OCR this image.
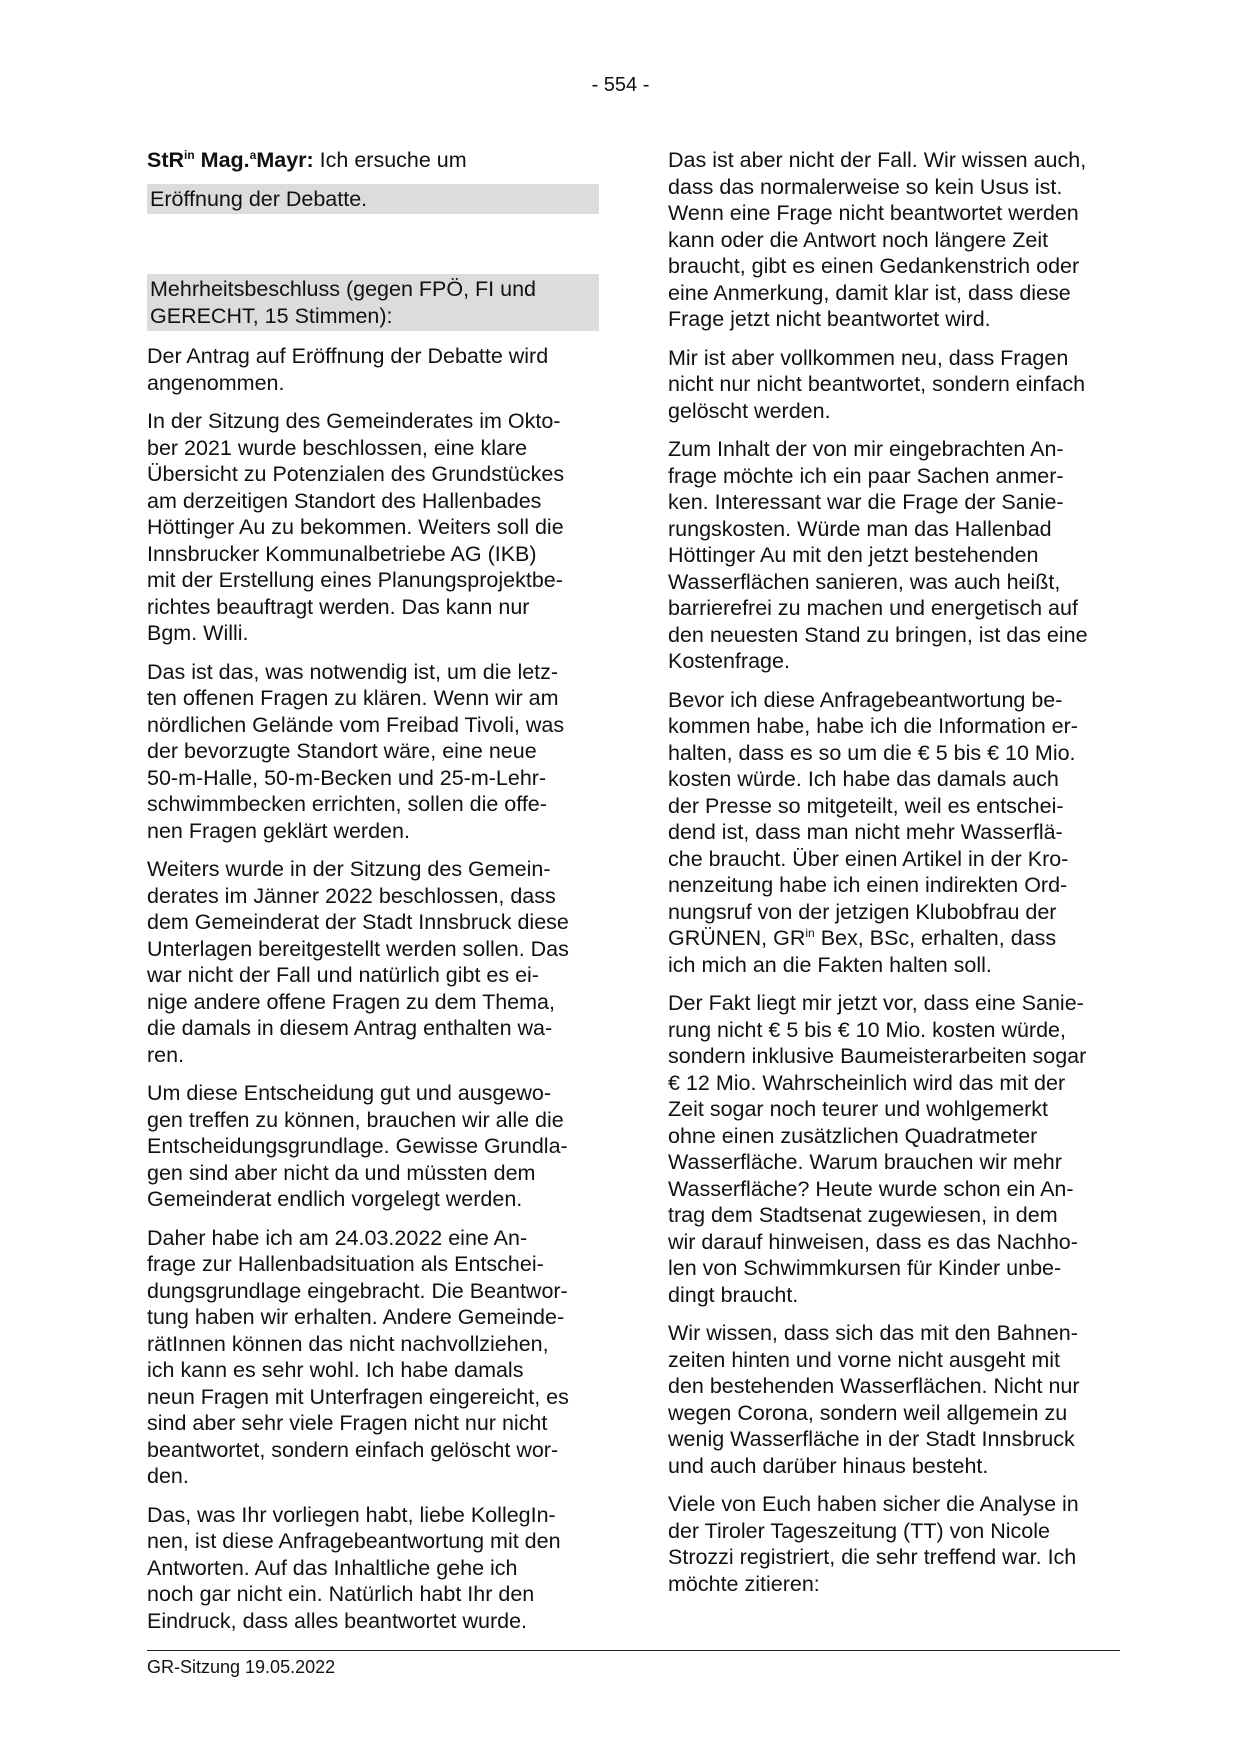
- 554 -
StR$^{in}$ Mag.$^a$Mayr: Ich ersuche um
Eröffnung der Debatte.
Mehrheitsbeschluss (gegen FPÖ, FI und
GERECHT, 15 Stimmen):
Der Antrag auf Eröffnung der Debatte wird
angenommen.
In der Sitzung des Gemeinderates im Okto-
ber 2021 wurde beschlossen, eine klare
Übersicht zu Potenzialen des Grundstückes
am derzeitigen Standort des Hallenbades
Höttinger Au zu bekommen. Weiters soll die
Innsbrucker Kommunalbetriebe AG (IKB)
mit der Erstellung eines Planungsprojektbe-
richtes beauftragt werden. Das kann nur
Bgm. Willi.
Das ist das, was notwendig ist, um die letz-
ten offenen Fragen zu klären. Wenn wir am
nördlichen Gelände vom Freibad Tivoli, was
der bevorzugte Standort wäre, eine neue
50-m-Halle, 50-m-Becken und 25-m-Lehr-
schwimmbecken errichten, sollen die offe-
nen Fragen geklärt werden.
Weiters wurde in der Sitzung des Gemein-
derates im Jänner 2022 beschlossen, dass
dem Gemeinderat der Stadt Innsbruck diese
Unterlagen bereitgestellt werden sollen. Das
war nicht der Fall und natürlich gibt es ei-
nige andere offene Fragen zu dem Thema,
die damals in diesem Antrag enthalten wa-
ren.
Um diese Entscheidung gut und ausgewo-
gen treffen zu können, brauchen wir alle die
Entscheidungsgrundlage. Gewisse Grundla-
gen sind aber nicht da und müssten dem
Gemeinderat endlich vorgelegt werden.
Daher habe ich am 24.03.2022 eine An-
frage zur Hallenbadsituation als Entschei-
dungsgrundlage eingebracht. Die Beantwor-
tung haben wir erhalten. Andere Gemeinde-
rätInnen können das nicht nachvollziehen,
ich kann es sehr wohl. Ich habe damals
neun Fragen mit Unterfragen eingereicht, es
sind aber sehr viele Fragen nicht nur nicht
beantwortet, sondern einfach gelöscht wor-
den.
Das, was Ihr vorliegen habt, liebe KollegIn-
nen, ist diese Anfragebeantwortung mit den
Antworten. Auf das Inhaltliche gehe ich
noch gar nicht ein. Natürlich habt Ihr den
Eindruck, dass alles beantwortet wurde.
Das ist aber nicht der Fall. Wir wissen auch,
dass das normalerweise so kein Usus ist.
Wenn eine Frage nicht beantwortet werden
kann oder die Antwort noch längere Zeit
braucht, gibt es einen Gedankenstrich oder
eine Anmerkung, damit klar ist, dass diese
Frage jetzt nicht beantwortet wird.
Mir ist aber vollkommen neu, dass Fragen
nicht nur nicht beantwortet, sondern einfach
gelöscht werden.
Zum Inhalt der von mir eingebrachten An-
frage möchte ich ein paar Sachen anmer-
ken. Interessant war die Frage der Sanie-
rungskosten. Würde man das Hallenbad
Höttinger Au mit den jetzt bestehenden
Wasserflächen sanieren, was auch heißt,
barrierefrei zu machen und energetisch auf
den neuesten Stand zu bringen, ist das eine
Kostenfrage.
Bevor ich diese Anfragebeantwortung be-
kommen habe, habe ich die Information er-
halten, dass es so um die € 5 bis € 10 Mio.
kosten würde. Ich habe das damals auch
der Presse so mitgeteilt, weil es entschei-
dend ist, dass man nicht mehr Wasserflä-
che braucht. Über einen Artikel in der Kro-
nenzeitung habe ich einen indirekten Ord-
nungsruf von der jetzigen Klubobfrau der
GRÜNEN, $GR^{in}$ Bex, BSc, erhalten, dass
ich mich an die Fakten halten soll.
Der Fakt liegt mir jetzt vor, dass eine Sanie-
rung nicht € 5 bis € 10 Mio. kosten würde,
sondern inklusive Baumeisterarbeiten sogar
€ 12 Mio. Wahrscheinlich wird das mit der
Zeit sogar noch teurer und wohlgemerkt
ohne einen zusätzlichen Quadratmeter
Wasserfläche. Warum brauchen wir mehr
Wasserfläche? Heute wurde schon ein An-
trag dem Stadtsenat zugewiesen, in dem
wir darauf hinweisen, dass es das Nachho-
len von Schwimmkursen für Kinder unbe-
dingt braucht.
Wir wissen, dass sich das mit den Bahnen-
zeiten hinten und vorne nicht ausgeht mit
den bestehenden Wasserflächen. Nicht nur
wegen Corona, sondern weil allgemein zu
wenig Wasserfläche in der Stadt Innsbruck
und auch darüber hinaus besteht.
Viele von Euch haben sicher die Analyse in
der Tiroler Tageszeitung (TT) von Nicole
Strozzi registriert, die sehr treffend war. Ich
möchte zitieren:
GR-Sitzung 19.05.2022
